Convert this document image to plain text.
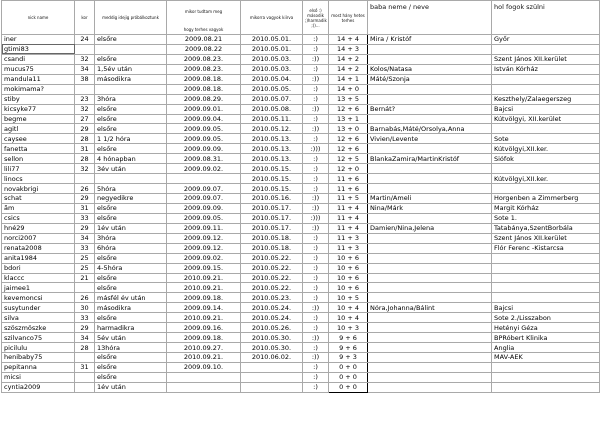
nick name	kor	meddig idejig próbálkoztunk	mikor tudtam meg
hogy terhes vagyok	mikorra vagyok kiírva	első :) második ;)harmadik ;))...	most hány hetes terhes	baba neme / neve	hol fogok szülni
iner	24	elsőre	2009.08.21	2010.05.01.	:)	14 + 4	Mira / Kristóf	Győr
gtimi83			2009.08.22	2010.05.01.	:)	14 + 3		
csandi	32	elsőre	2009.08.23.	2010.05.03.	:))	14 + 2		Szent János XII.kerület
mucus75	34	1,5év után	2009.08.23.	2010.05.03.	:)	14 + 2	Kolos/Natasa	István Kórház
mandula11	38	másodikra	2009.08.18.	2010.05.04.	:))	14 + 1	Máté/Szonja	
mokimama?			2009.08.18.	2010.05.05.	:)	14 + 0		
stiby	23	3hóra	2009.08.29.	2010.05.07.	:)	13 + 5		Keszthely/Zalaegerszeg
kicsyke77	32	elsőre	2009.09.01.	2010.05.08.	:))	12 + 6	Bernát?	Bajcsi
begme	27	elsőre	2009.09.04.	2010.05.11.	:)	13 + 1		Kútvölgyi, XII.kerület
agitl	29	elsőre	2009.09.05.	2010.05.12.	:))	13 + 0	Barnabás,Máté/Orsolya,Anna	
caysee	28	1 1/2 hóra	2009.09.05.	2010.05.13.	:)	12 + 6	Vivien/Levente	Sote
fanetta	31	elsőre	2009.09.09.	2010.05.13.	:)))	12 + 6		Kútvölgyi,XII.ker.
sellon	28	4 hónapban	2009.08.31.	2010.05.13.	:)	12 + 5	BlankaZamira/MartinKristóf	Siófok
lili77	32	3év után	2009.09.02.	2010.05.15.	:)	12 + 0		
linocs				2010.05.15.	:)	11 + 6		Kútvölgyi,XII.ker.
novakbrigi	26	5hóra	2009.09.07.	2010.05.15.	:)	11 + 6		
schat	29	negyedikre	2009.09.07.	2010.05.16.	:))	11 + 5	Martin/Ameli	Horgenben a Zimmerberg
ãm	31	elsőre	2009.09.09.	2010.05.17.	:))	11 + 4	Nina/Márk	Margit Kórház
csics	33	elsőre	2009.09.05.	2010.05.17.	:)))	11 + 4		Sote 1.
hné29	29	1év után	2009.09.11.	2010.05.17.	:))	11 + 4	Damien/Nina,Jelena	Tatabánya,SzentBorbála
norci2007	34	3hóra	2009.09.12.	2010.05.18.	:)	11 + 3		Szent János XII.kerület
renata2008	33	6hóra	2009.09.12.	2010.05.18.	:)	11 + 3		Flór Ferenc -Kistarcsa
anita1984	25	elsőre	2009.09.02.	2010.05.22.	:)	10 + 6		
bdori	25	4-5hóra	2009.09.15.	2010.05.22.	:)	10 + 6		
klaccc	21	elsőre	2010.09.21.	2010.05.22.	:)	10 + 6		
jaimee1		elsőre	2010.09.21.	2010.05.22.	:)	10 + 6		
kevemoncsi	26	másfél év után	2009.09.18.	2010.05.23.	:)	10 + 5		
susytunder	30	másodikra	2009.09.14.	2010.05.24.	:))	10 + 4	Nóra,Johanna/Bálint	Bajcsi
silva	33	elsőre	2010.09.21.	2010.05.24.	:)	10 + 4		Sote 2./Lisszabon
szöszmöszke	29	harmadikra	2009.09.16.	2010.05.26.	:)	10 + 3		Hetényi Géza
szilvanco75	34	5év után	2009.09.18.	2010.05.30.	:))	9 + 6		BPRóbert Klinika
picilulu	28	13hóra	2010.09.27.	2010.05.30.	:)	9 + 6		Anglia
henibaby75		elsőre	2010.09.21.	2010.06.02.	:))	9 + 3		MAV-AEK
pepitanna	31	elsőre	2009.09.10.		:)	0 + 0		
micsi		elsőre			:)	0 + 0		
cyntia2009		1év után			:)	0 + 0		
